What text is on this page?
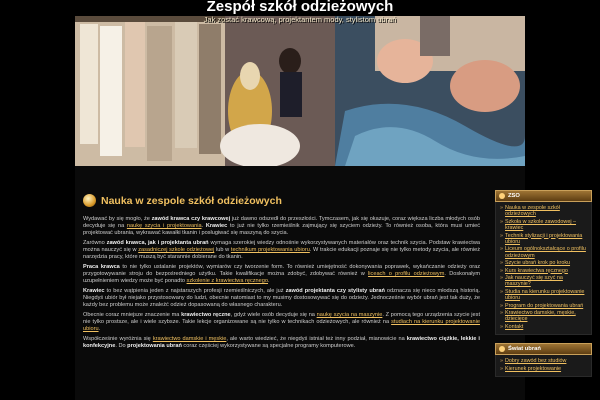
Zespół szkół odzieżowych
Jak zostać krawcową, projektantem mody, stylistom ubrań
Nauka w zespole szkół odzieżowych

Wydawać by się mogło, że zawód krawca czy krawcowej już dawno odszedł do przeszłości. Tymczasem, jak się okazuje, coraz większa liczba młodych osób decyduje się na naukę szycia i projektowania. Krawiec to już nie tylko rzemieślnik zajmujący się szyciem odzieży. To również osoba, która musi umieć projektować ubrania, wykrawać kawałki tkanin i posługiwać się maszyną do szycia.

Zarówno zawód krawca, jak i projektanta ubrań wymaga szerokiej wiedzy odnośnie wykorzystywanych materiałów oraz technik szycia. Podstaw krawiectwa można nauczyć się w zasadniczej szkole odzieżowej lub w technikum projektowania ubioru. W trakcie edukacji poznaje się nie tylko metody szycia, ale również narzędzia pracy, które muszą być starannie dobierane do tkanin.

Praca krawca to nie tylko ustalanie projektów, wymiarów czy tworzenie form. To również umiejętność dokonywania poprawek, wykańczanie odzieży oraz przygotowywanie stroju do bezpośredniego użytku. Takie kwalifikacje można zdobyć, zdobywać również w liceach o profilu odzieżowym. Doskonałym uzupełnieniem wiedzy może być ponadto szkolenie z krawiectwa ręcznego.

Krawiec to bez wątpienia jeden z najstarszych profesji rzemieślniczych, ale już zawód projektanta czy stylisty ubrań odznacza się nieco młodszą historią. Niegdyś ubiór był niejako przystosowany do ludzi, obecnie natomiast to my musimy dostosowywać się do odzieży. Jednocześnie wybór ubrań jest tak duży, że każdy bez problemu może znaleźć odzież dopasowaną do własnego charakteru.

Obecnie coraz mniejsze znaczenie ma krawiectwo ręczne, gdyż wiele osób decyduje się na naukę szycia na maszynie. Z pomocą tego urządzenia szycie jest nie tylko prostsze, ale i wiele szybsze. Takie lekcje organizowane są nie tylko w technikach odzieżowych, ale również na studiach na kierunku projektowanie ubioru.

Współcześnie wyróżnia się krawiectwo damskie i męskie, ale warto wiedzieć, że niegdyś istniał też inny podział, mianowicie na krawiectwo ciężkie, lekkie i konfekcyjne. Do projektowania ubrań coraz częściej wykorzystywane są specjalne programy komputerowe.

ZSO
» Nauka w zespole szkół odzieżowych
» Szkoła w szkole zawodowej – krawiec
» Technik stylizacji i projektowania ubioru
» Liceum ogólnokształcące o profilu odzieżowym
» Szycie ubrań krok po kroku
» Kurs krawiectwa ręcznego
» Jak nauczyć się szyć na maszynie?
» Studia na kierunku projektowanie ubioru
» Program do projektowania ubrań
» Krawiectwo damskie, męskie, dziecięce
» Kontakt
Świat ubrań
» Dobry zawód bez studiów
» Kierunek projektowanie
